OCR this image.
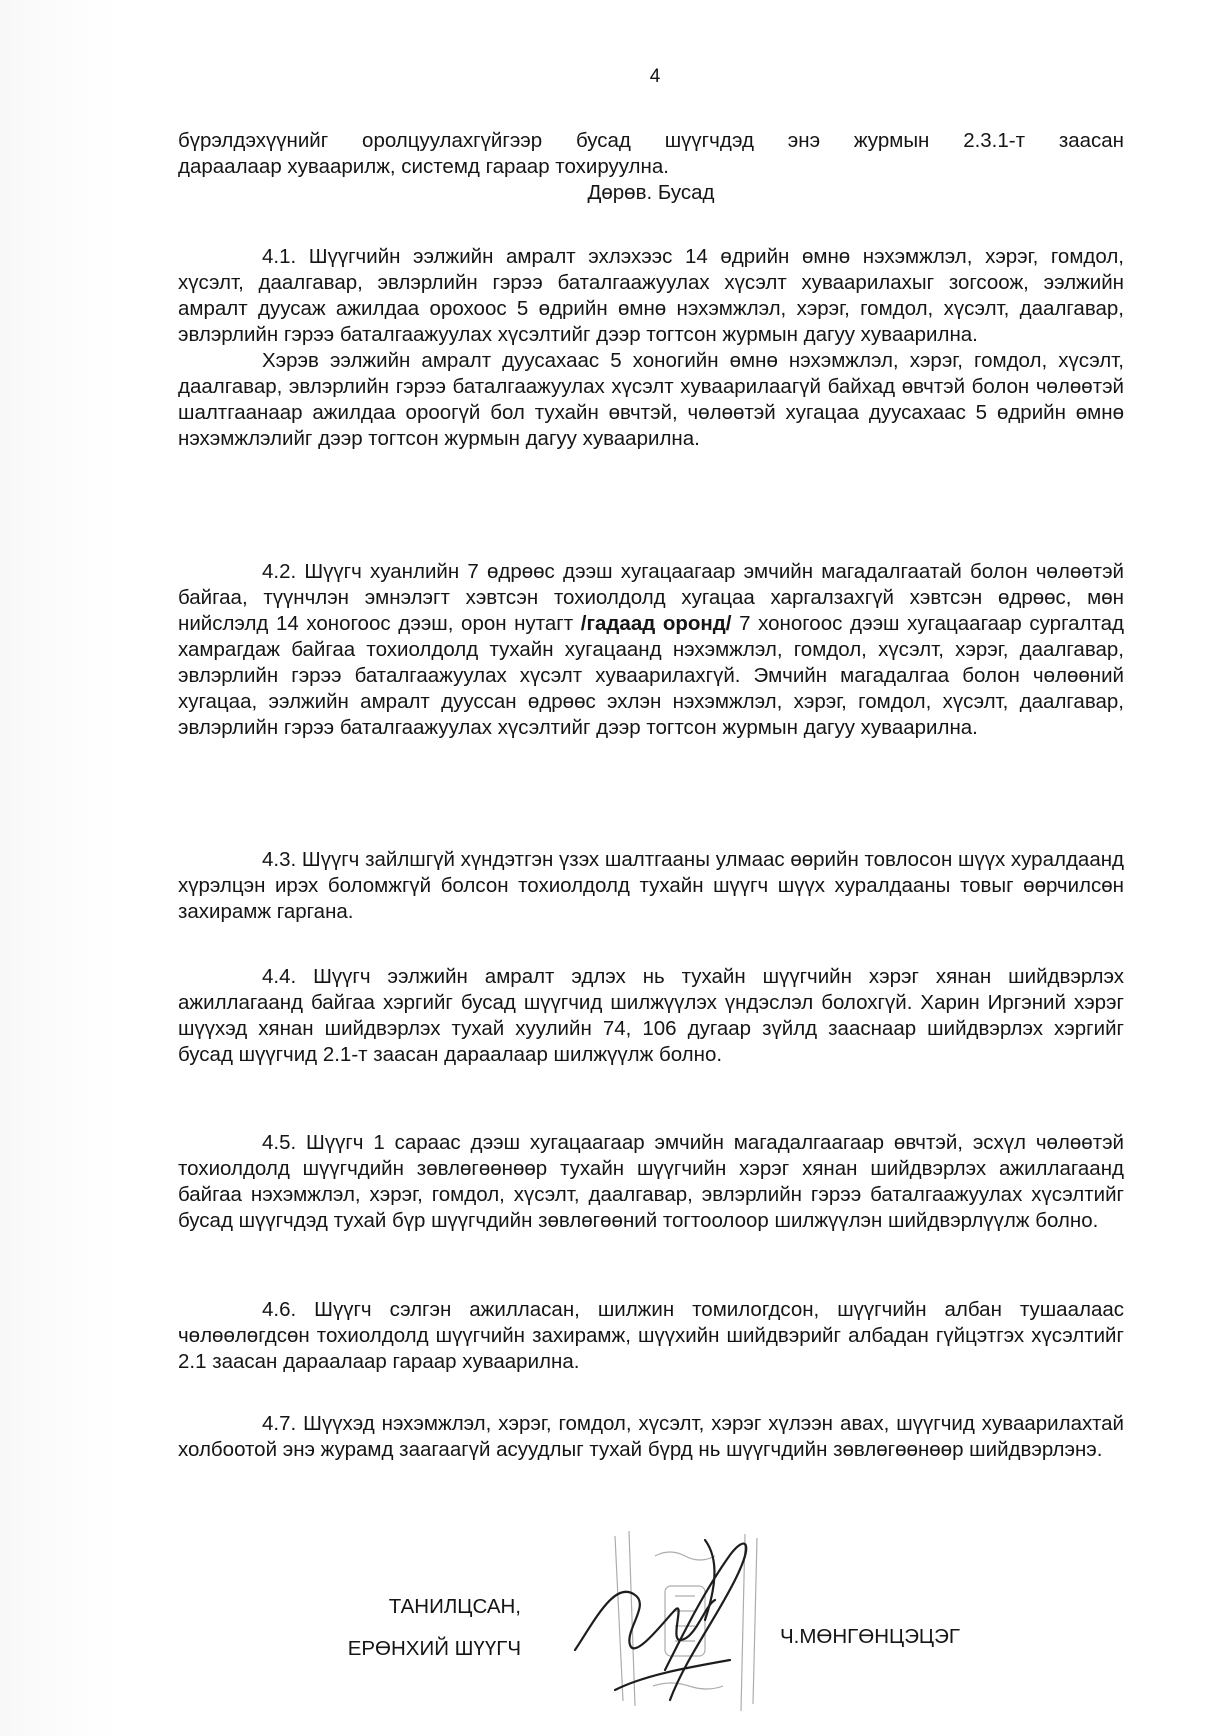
4

бүрэлдэхүүнийг оролцуулахгүйгээр бусад шүүгчдэд энэ журмын 2.3.1-т заасан

дараалаар хуваарилж, системд гараар тохируулна.

Дөрөв. Бусад

4.1. Шүүгчийн ээлжийн амралт эхлэхээс 14 өдрийн өмнө нэхэмжлэл, хэрэг, гомдол, хүсэлт, даалгавар, эвлэрлийн гэрээ баталгаажуулах хүсэлт хуваарилахыг зогсоож, ээлжийн амралт дуусаж ажилдаа орохоос 5 өдрийн өмнө нэхэмжлэл, хэрэг, гомдол, хүсэлт, даалгавар, эвлэрлийн гэрээ баталгаажуулах хүсэлтийг дээр тогтсон журмын дагуу хуваарилна.

Хэрэв ээлжийн амралт дуусахаас 5 хоногийн өмнө нэхэмжлэл, хэрэг, гомдол, хүсэлт, даалгавар, эвлэрлийн гэрээ баталгаажуулах хүсэлт хуваарилаагүй байхад өвчтэй болон чөлөөтэй шалтгаанаар ажилдаа ороогүй бол тухайн өвчтэй, чөлөөтэй хугацаа дуусахаас 5 өдрийн өмнө нэхэмжлэлийг дээр тогтсон журмын дагуу хуваарилна.

4.2. Шүүгч хуанлийн 7 өдрөөс дээш хугацаагаар эмчийн магадалгаатай болон чөлөөтэй байгаа, түүнчлэн эмнэлэгт хэвтсэн тохиолдолд хугацаа харгалзахгүй хэвтсэн өдрөөс, мөн нийслэлд 14 хоногоос дээш, орон нутагт /гадаад оронд/ 7 хоногоос дээш хугацаагаар сургалтад хамрагдаж байгаа тохиолдолд тухайн хугацаанд нэхэмжлэл, гомдол, хүсэлт, хэрэг, даалгавар, эвлэрлийн гэрээ баталгаажуулах хүсэлт хуваарилахгүй. Эмчийн магадалгаа болон чөлөөний хугацаа, ээлжийн амралт дууссан өдрөөс эхлэн нэхэмжлэл, хэрэг, гомдол, хүсэлт, даалгавар, эвлэрлийн гэрээ баталгаажуулах хүсэлтийг дээр тогтсон журмын дагуу хуваарилна.

4.3. Шүүгч зайлшгүй хүндэтгэн үзэх шалтгааны улмаас өөрийн товлосон шүүх хуралдаанд хүрэлцэн ирэх боломжгүй болсон тохиолдолд тухайн шүүгч шүүх хуралдааны товыг өөрчилсөн захирамж гаргана.

4.4. Шүүгч ээлжийн амралт эдлэх нь тухайн шүүгчийн хэрэг хянан шийдвэрлэх ажиллагаанд байгаа хэргийг бусад шүүгчид шилжүүлэх үндэслэл болохгүй. Харин Иргэний хэрэг шүүхэд хянан шийдвэрлэх тухай хуулийн 74, 106 дугаар зүйлд зааснаар шийдвэрлэх хэргийг бусад шүүгчид 2.1-т заасан дараалаар шилжүүлж болно.

4.5. Шүүгч 1 сараас дээш хугацаагаар эмчийн магадалгаагаар өвчтэй, эсхүл чөлөөтэй тохиолдолд шүүгчдийн зөвлөгөөнөөр тухайн шүүгчийн хэрэг хянан шийдвэрлэх ажиллагаанд байгаа нэхэмжлэл, хэрэг, гомдол, хүсэлт, даалгавар, эвлэрлийн гэрээ баталгаажуулах хүсэлтийг бусад шүүгчдэд тухай бүр шүүгчдийн зөвлөгөөний тогтоолоор шилжүүлэн шийдвэрлүүлж болно.

4.6. Шүүгч сэлгэн ажилласан, шилжин томилогдсон, шүүгчийн албан тушаалаас чөлөөлөгдсөн тохиолдолд шүүгчийн захирамж, шүүхийн шийдвэрийг албадан гүйцэтгэх хүсэлтийг 2.1 заасан дараалаар гараар хуваарилна.

4.7. Шүүхэд нэхэмжлэл, хэрэг, гомдол, хүсэлт, хэрэг хүлээн авах, шүүгчид хуваарилахтай холбоотой энэ журамд заагаагүй асуудлыг тухай бүрд нь шүүгчдийн зөвлөгөөнөөр шийдвэрлэнэ.

ТАНИЛЦСАН,
ЕРӨНХИЙ ШҮҮГЧ
Ч.МӨНГӨНЦЭЦЭГ
